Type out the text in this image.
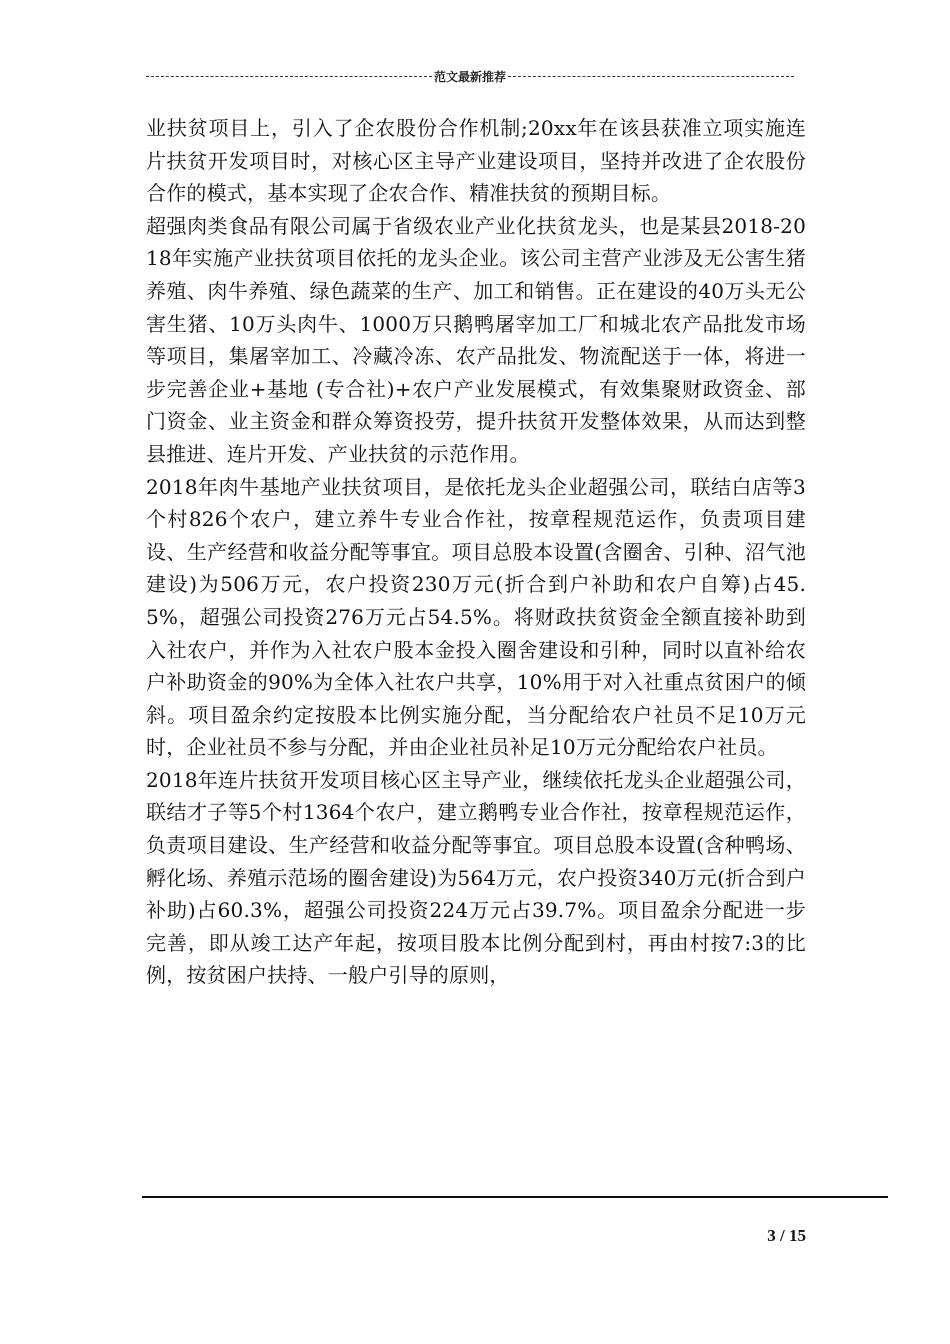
范文最新推荐

业扶贫项目上，引入了企农股份合作机制;20xx年在该县获准立项实施连片扶贫开发项目时，对核心区主导产业建设项目，坚持并改进了企农股份合作的模式，基本实现了企农合作、精准扶贫的预期目标。

超强肉类食品有限公司属于省级农业产业化扶贫龙头，也是某县2018-2018年实施产业扶贫项目依托的龙头企业。该公司主营产业涉及无公害生猪养殖、肉牛养殖、绿色蔬菜的生产、加工和销售。正在建设的40万头无公害生猪、10万头肉牛、1000万只鹅鸭屠宰加工厂和城北农产品批发市场等项目，集屠宰加工、冷藏冷冻、农产品批发、物流配送于一体，将进一步完善企业+基地 (专合社)+农户产业发展模式，有效集聚财政资金、部门资金、业主资金和群众筹资投劳，提升扶贫开发整体效果，从而达到整县推进、连片开发、产业扶贫的示范作用。

2018年肉牛基地产业扶贫项目，是依托龙头企业超强公司，联结白店等3个村826个农户，建立养牛专业合作社，按章程规范运作，负责项目建设、生产经营和收益分配等事宜。项目总股本设置(含圈舍、引种、沼气池建设)为506万元，农户投资230万元(折合到户补助和农户自筹)占45.5%，超强公司投资276万元占54.5%。将财政扶贫资金全额直接补助到入社农户，并作为入社农户股本金投入圈舍建设和引种，同时以直补给农户补助资金的90%为全体入社农户共享，10%用于对入社重点贫困户的倾斜。项目盈余约定按股本比例实施分配，当分配给农户社员不足10万元时，企业社员不参与分配，并由企业社员补足10万元分配给农户社员。

2018年连片扶贫开发项目核心区主导产业，继续依托龙头企业超强公司，联结才子等5个村1364个农户，建立鹅鸭专业合作社，按章程规范运作，负责项目建设、生产经营和收益分配等事宜。项目总股本设置(含种鸭场、孵化场、养殖示范场的圈舍建设)为564万元，农户投资340万元(折合到户补助)占60.3%，超强公司投资224万元占39.7%。项目盈余分配进一步完善，即从竣工达产年起，按项目股本比例分配到村，再由村按7:3的比例，按贫困户扶持、一般户引导的原则，

3 / 15
